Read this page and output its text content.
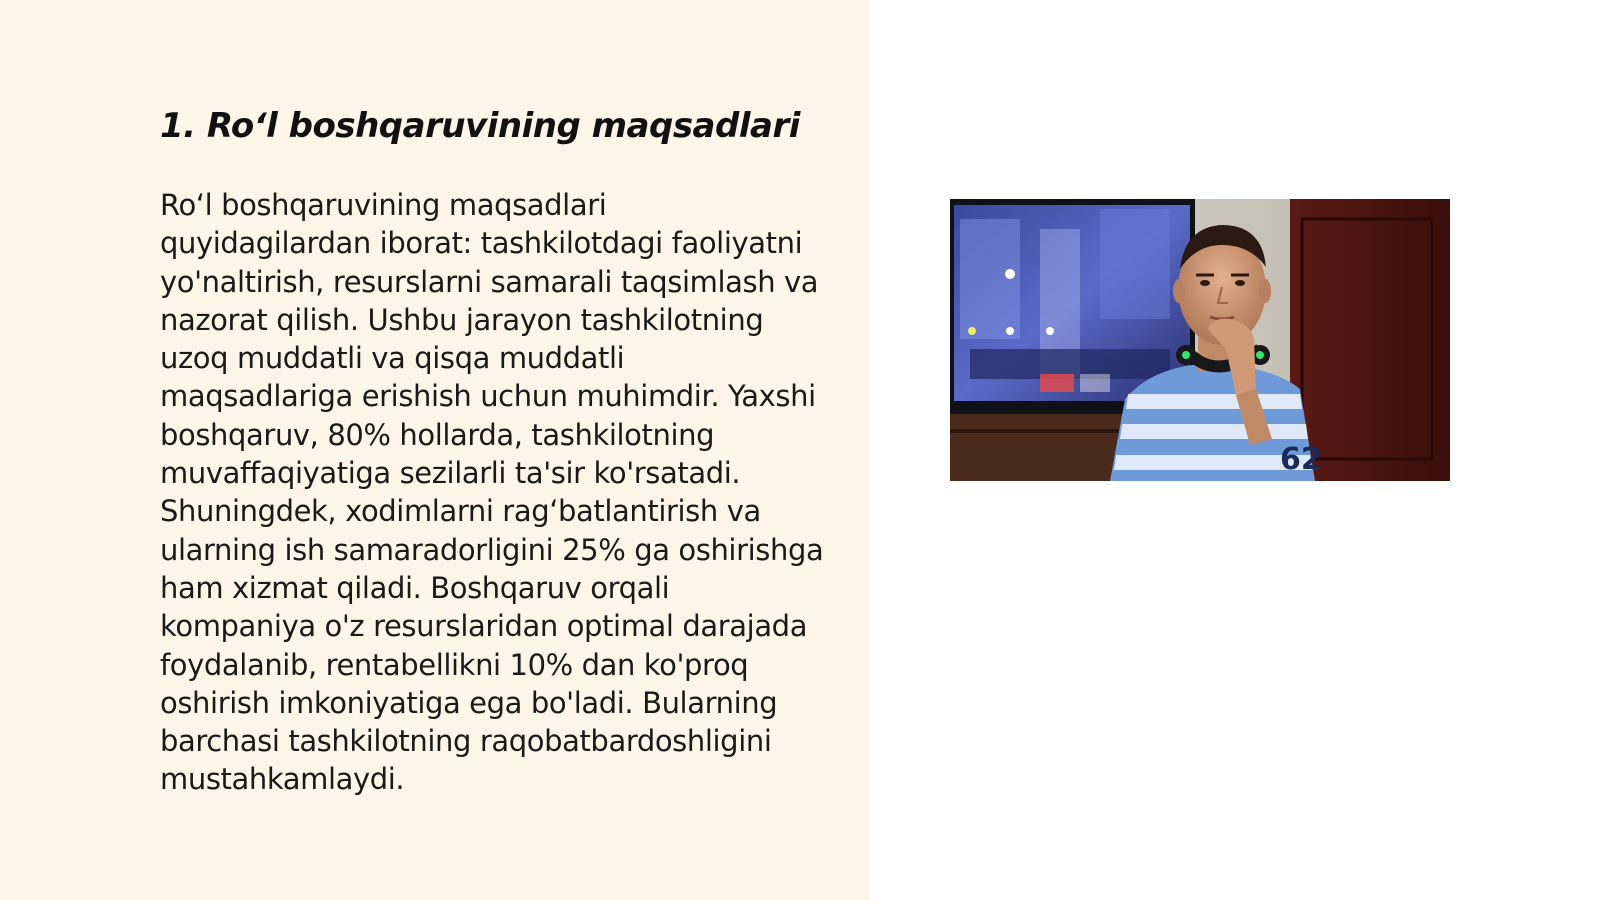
1. Ro‘l boshqaruvining maqsadlari

Ro‘l boshqaruvining maqsadlari quyidagilardan iborat: tashkilotdagi faoliyatni yo'naltirish, resurslarni samarali taqsimlash va nazorat qilish. Ushbu jarayon tashkilotning uzoq muddatli va qisqa muddatli maqsadlariga erishish uchun muhimdir. Yaxshi boshqaruv, 80% hollarda, tashkilotning muvaffaqiyatiga sezilarli ta'sir ko'rsatadi. Shuningdek, xodimlarni rag‘batlantirish va ularning ish samaradorligini 25% ga oshirishga ham xizmat qiladi. Boshqaruv orqali kompaniya o'z resurslaridan optimal darajada foydalanib, rentabellikni 10% dan ko'proq oshirish imkoniyatiga ega bo'ladi. Bularning barchasi tashkilotning raqobatbardoshligini mustahkamlaydi.

62
